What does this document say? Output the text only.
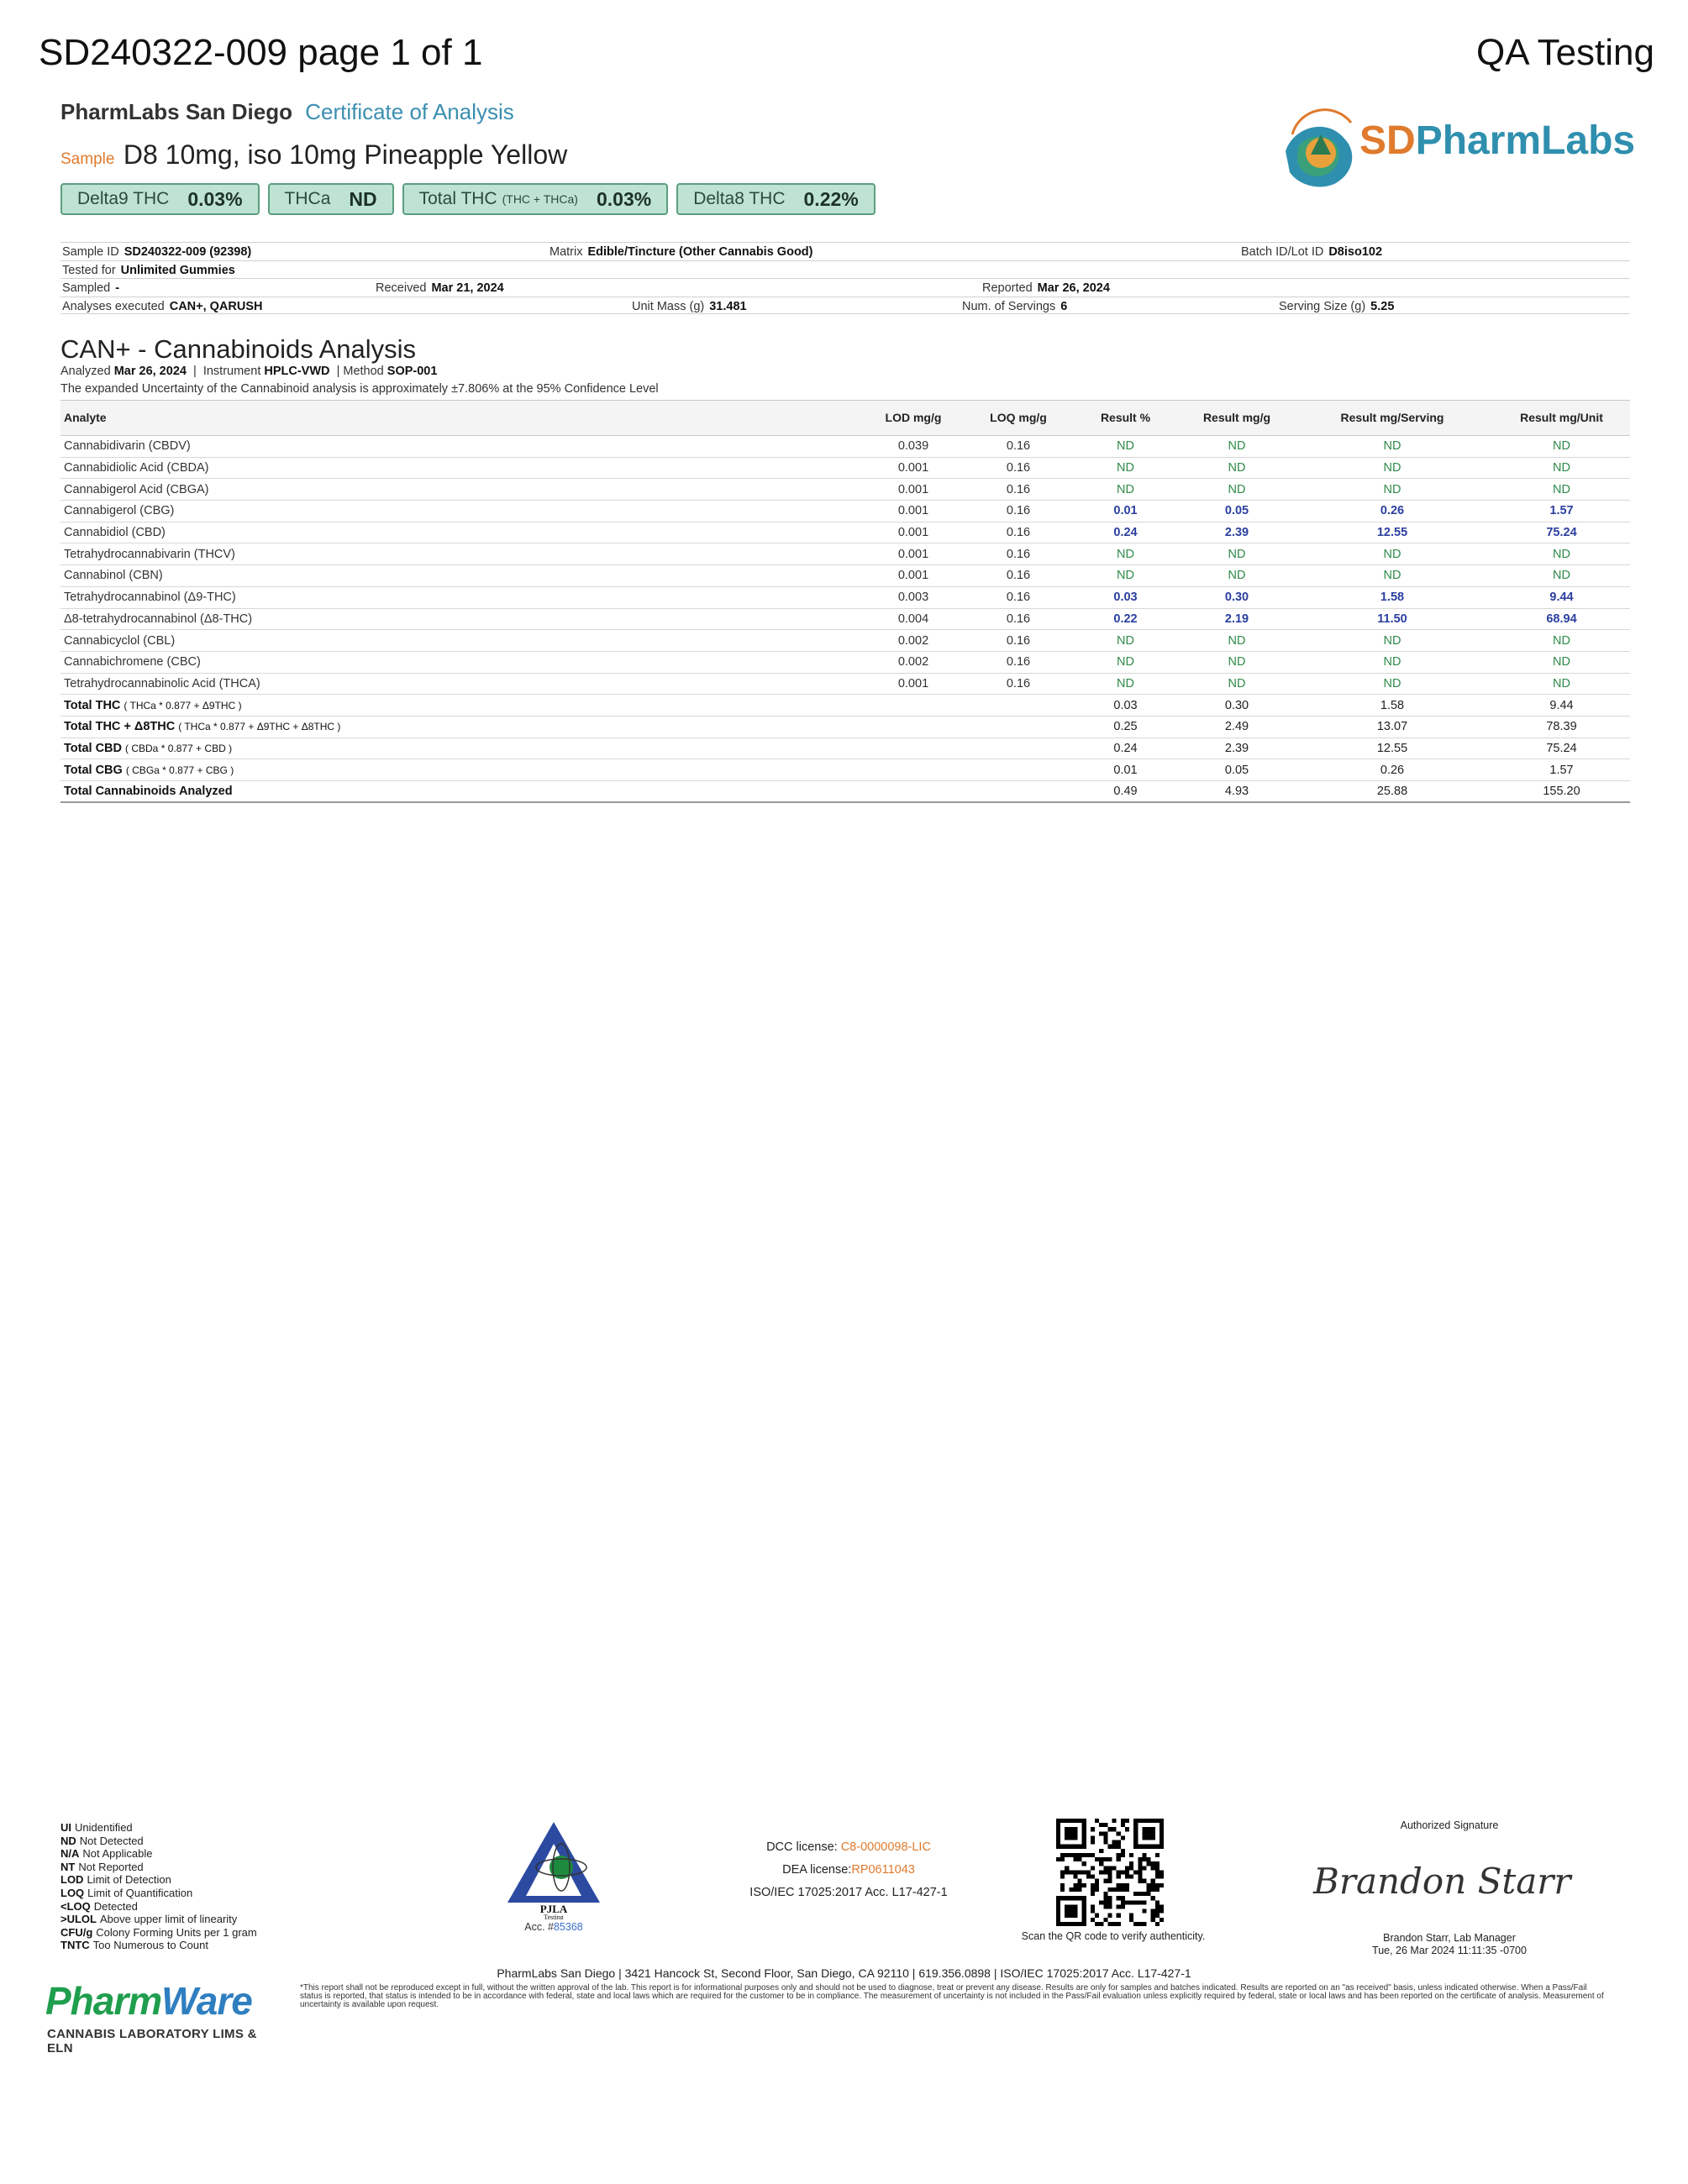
SD240322-009 page 1 of 1	QA Testing
PharmLabs San Diego Certificate of Analysis
Sample D8 10mg, iso 10mg Pineapple Yellow
Delta9 THC 0.03% THCa ND Total THC (THC + THCa) 0.03% Delta8 THC 0.22%
SDPharmLabs
Sample ID SD240322-009 (92398)	Matrix Edible/Tincture (Other Cannabis Good)	Batch ID/Lot ID D8iso102
Tested for Unlimited Gummies
Sampled -	Received Mar 21, 2024	Reported Mar 26, 2024
Analyses executed CAN+, QARUSH	Unit Mass (g) 31.481	Num. of Servings 6	Serving Size (g) 5.25
CAN+ - Cannabinoids Analysis
Analyzed Mar 26, 2024  |  Instrument HPLC-VWD  | Method SOP-001
The expanded Uncertainty of the Cannabinoid analysis is approximately ±7.806% at the 95% Confidence Level
Analyte	LOD mg/g	LOQ mg/g	Result %	Result mg/g	Result mg/Serving	Result mg/Unit
Cannabidivarin (CBDV)	0.039	0.16	ND	ND	ND	ND
Cannabidiolic Acid (CBDA)	0.001	0.16	ND	ND	ND	ND
Cannabigerol Acid (CBGA)	0.001	0.16	ND	ND	ND	ND
Cannabigerol (CBG)	0.001	0.16	0.01	0.05	0.26	1.57
Cannabidiol (CBD)	0.001	0.16	0.24	2.39	12.55	75.24
Tetrahydrocannabivarin (THCV)	0.001	0.16	ND	ND	ND	ND
Cannabinol (CBN)	0.001	0.16	ND	ND	ND	ND
Tetrahydrocannabinol (Δ9-THC)	0.003	0.16	0.03	0.30	1.58	9.44
Δ8-tetrahydrocannabinol (Δ8-THC)	0.004	0.16	0.22	2.19	11.50	68.94
Cannabicyclol (CBL)	0.002	0.16	ND	ND	ND	ND
Cannabichromene (CBC)	0.002	0.16	ND	ND	ND	ND
Tetrahydrocannabinolic Acid (THCA)	0.001	0.16	ND	ND	ND	ND
Total THC ( THCa * 0.877 + Δ9THC )			0.03	0.30	1.58	9.44
Total THC + Δ8THC ( THCa * 0.877 + Δ9THC + Δ8THC )			0.25	2.49	13.07	78.39
Total CBD ( CBDa * 0.877 + CBD )			0.24	2.39	12.55	75.24
Total CBG ( CBGa * 0.877 + CBG )			0.01	0.05	0.26	1.57
Total Cannabinoids Analyzed			0.49	4.93	25.88	155.20
UI Unidentified
ND Not Detected
N/A Not Applicable
NT Not Reported
LOD Limit of Detection
LOQ Limit of Quantification
<LOQ Detected
>ULOL Above upper limit of linearity
CFU/g Colony Forming Units per 1 gram
TNTC Too Numerous to Count
PJLA
Testing
Acc. #85368
DCC license: C8-0000098-LIC
DEA license:RP0611043
ISO/IEC 17025:2017 Acc. L17-427-1
Scan the QR code to verify authenticity.
Authorized Signature
Brandon Starr
Brandon Starr, Lab Manager
Tue, 26 Mar 2024 11:11:35 -0700
PharmLabs San Diego | 3421 Hancock St, Second Floor, San Diego, CA 92110 | 619.356.0898 | ISO/IEC 17025:2017 Acc. L17-427-1
*This report shall not be reproduced except in full, without the written approval of the lab. This report is for informational purposes only and should not be used to diagnose, treat or prevent any disease. Results are only for samples and batches indicated. Results are reported on an "as received" basis, unless indicated otherwise. When a Pass/Fail status is reported, that status is intended to be in accordance with federal, state and local laws which are required for the customer to be in compliance. The measurement of uncertainty is not included in the Pass/Fail evaluation unless explicitly required by federal, state or local laws and has been reported on the certificate of analysis. Measurement of uncertainty is available upon request.
PharmWare
CANNABIS LABORATORY LIMS & ELN
